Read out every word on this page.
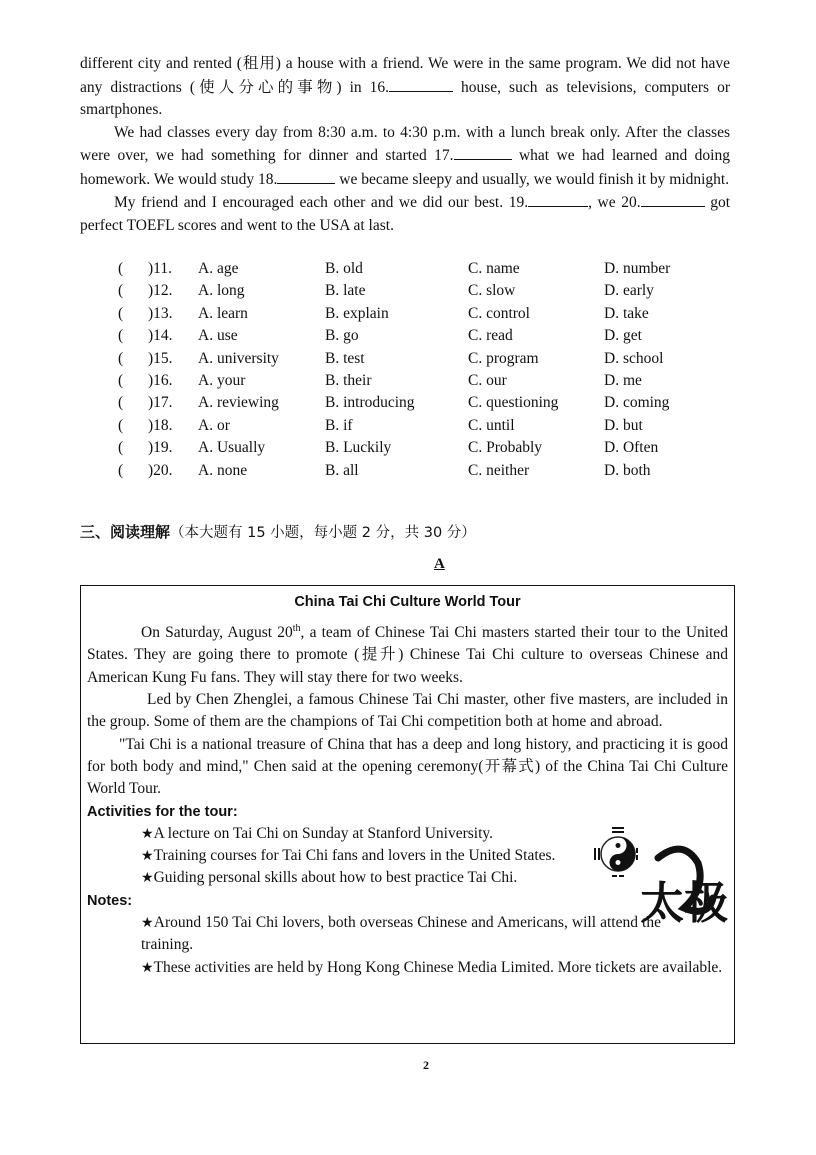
different city and rented (租用) a house with a friend. We were in the same program. We did not have any distractions (使人分心的事物) in 16.	house, such as televisions, computers or smartphones.

We had classes every day from 8:30 a.m. to 4:30 p.m. with a lunch break only. After the classes were over, we had something for dinner and started 17.	what we had learned and doing homework. We would study 18.	we became sleepy and usually, we would finish it by midnight.

My friend and I encouraged each other and we did our best. 19.	, we 20.	got perfect TOEFL scores and went to the USA at last.

( )11. A. age	B. old	C. name	D. number
( )12. A. long	B. late	C. slow	D. early
( )13. A. learn	B. explain	C. control	D. take
( )14. A. use	B. go	C. read	D. get
( )15. A. university	B. test	C. program	D. school
( )16. A. your	B. their	C. our	D. me
( )17. A. reviewing	B. introducing	C. questioning	D. coming
( )18. A. or	B. if	C. until	D. but
( )19. A. Usually	B. Luckily	C. Probably	D. Often
( )20. A. none	B. all	C. neither	D. both
三、阅读理解（本大题有 15 小题，每小题 2 分，共 30 分）
A
China Tai Chi Culture World Tour

On Saturday, August 20th, a team of Chinese Tai Chi masters started their tour to the United States. They are going there to promote (提升) Chinese Tai Chi culture to overseas Chinese and American Kung Fu fans. They will stay there for two weeks.

Led by Chen Zhenglei, a famous Chinese Tai Chi master, other five masters, are included in the group. Some of them are the champions of Tai Chi competition both at home and abroad.

"Tai Chi is a national treasure of China that has a deep and long history, and practicing it is good for both body and mind," Chen said at the opening ceremony(开幕式) of the China Tai Chi Culture World Tour.

Activities for the tour:

★A lecture on Tai Chi on Sunday at Stanford University.

★Training courses for Tai Chi fans and lovers in the United States.

★Guiding personal skills about how to best practice Tai Chi.

Notes:

★Around 150 Tai Chi lovers, both overseas Chinese and Americans, will attend the training.

★These activities are held by Hong Kong Chinese Media Limited. More tickets are available.

太极
2
